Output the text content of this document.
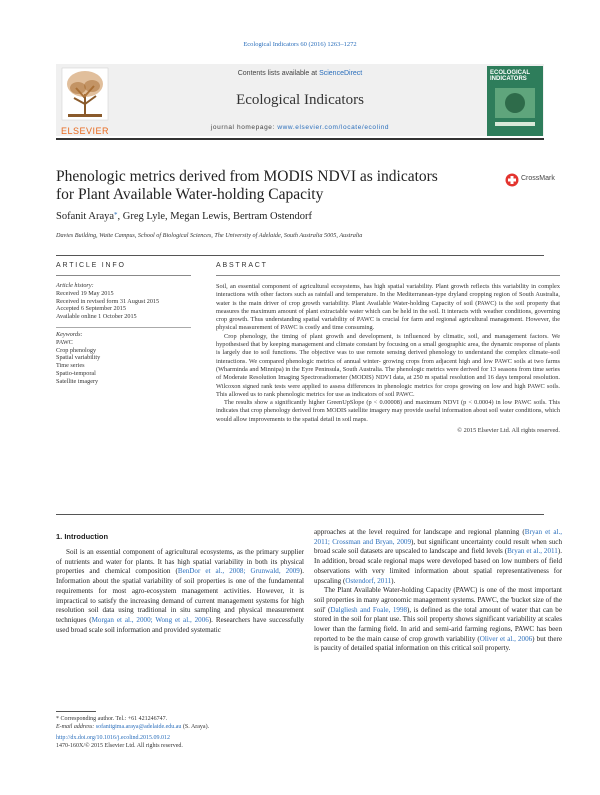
Ecological Indicators 60 (2016) 1263–1272
ELSEVIER
Contents lists available at ScienceDirect
Ecological Indicators
journal homepage: www.elsevier.com/locate/ecolind
ECOLOGICAL INDICATORS
Phenologic metrics derived from MODIS NDVI as indicators for Plant Available Water-holding Capacity
CrossMark
Sofanit Araya*, Greg Lyle, Megan Lewis, Bertram Ostendorf
Davies Building, Waite Campus, School of Biological Sciences, The University of Adelaide, South Australia 5005, Australia
ARTICLE INFO	ABSTRACT
Article history:
Received 19 May 2015
Received in revised form 31 August 2015
Accepted 6 September 2015
Available online 1 October 2015
Keywords:
PAWC
Crop phenology
Spatial variability
Time series
Spatio-temporal
Satellite imagery

Soil, an essential component of agricultural ecosystems, has high spatial variability. Plant growth reflects this variability in complex interactions with other factors such as rainfall and temperature. In the Mediterranean-type dryland cropping region of South Australia, water is the main driver of crop growth variability. Plant Available Water-holding Capacity of soil (PAWC) is the soil property that measures the maximum amount of plant extractable water which can be held in the soil. It interacts with weather conditions, governing crop growth. Thus understanding spatial variability of PAWC is crucial for farm and regional agricultural management. However, the physical measurement of PAWC is costly and time consuming.

Crop phenology, the timing of plant growth and development, is influenced by climatic, soil, and management factors. We hypothesised that by keeping management and climate constant by focusing on a small geographic area, the dynamic response of plants is largely due to soil functions. The objective was to use remote sensing derived phenology to understand the complex climate–soil interactions. We compared phenologic metrics of annual winter- growing crops from adjacent high and low PAWC soils at two farms (Wharminda and Minnipa) in the Eyre Peninsula, South Australia. The phenologic metrics were derived for 13 seasons from time series of Moderate Resolution Imaging Spectroradiometer (MODIS) NDVI data, at 250 m spatial resolution and 16 days temporal resolution. Wilcoxon signed rank tests were applied to assess differences in phenologic metrics for crops growing on low and high PAWC soils. This allowed us to rank phenologic metrics for use as indicators of soil PAWC.

The results show a significantly higher GreenUpSlope (p < 0.00008) and maximum NDVI (p < 0.0004) in low PAWC soils. This indicates that crop phenology derived from MODIS satellite imagery may provide useful information about soil water conditions, which would allow improvements to the spatial detail in soil maps.

© 2015 Elsevier Ltd. All rights reserved.

1. Introduction

Soil is an essential component of agricultural ecosystems, as the primary supplier of nutrients and water for plants. It has high spatial variability in both its physical properties and chemical composition (BenDor et al., 2008; Grunwald, 2009). Information about the spatial variability of soil properties is one of the fundamental requirements for most agro-ecosystem management activities. However, it is impractical to satisfy the increasing demand of current management systems for high resolution soil data using traditional in situ sampling and physical measurement techniques (Morgan et al., 2000; Wong et al., 2006). Researchers have successfully used broad scale soil information and provided systematic

approaches at the level required for landscape and regional planning (Bryan et al., 2011; Crossman and Bryan, 2009), but significant uncertainty could result when such broad scale soil datasets are upscaled to landscape and field levels (Bryan et al., 2011). In addition, broad scale regional maps were developed based on low numbers of field observations with very limited information about spatial representativeness for upscaling (Ostendorf, 2011).

The Plant Available Water-holding Capacity (PAWC) is one of the most important soil properties in many agronomic management systems. PAWC, the 'bucket size of the soil' (Dalgliesh and Foale, 1998), is defined as the total amount of water that can be stored in the soil for plant use. This soil property shows significant variability at scales lower than the farming field. In arid and semi-arid farming regions, PAWC has been reported to be the main cause of crop growth variability (Oliver et al., 2006) but there is paucity of detailed spatial information on this critical soil property.

* Corresponding author. Tel.: +61 421246747.
E-mail address: sofanitgima.araya@adelaide.edu.au (S. Araya).
http://dx.doi.org/10.1016/j.ecolind.2015.09.012
1470-160X/© 2015 Elsevier Ltd. All rights reserved.
